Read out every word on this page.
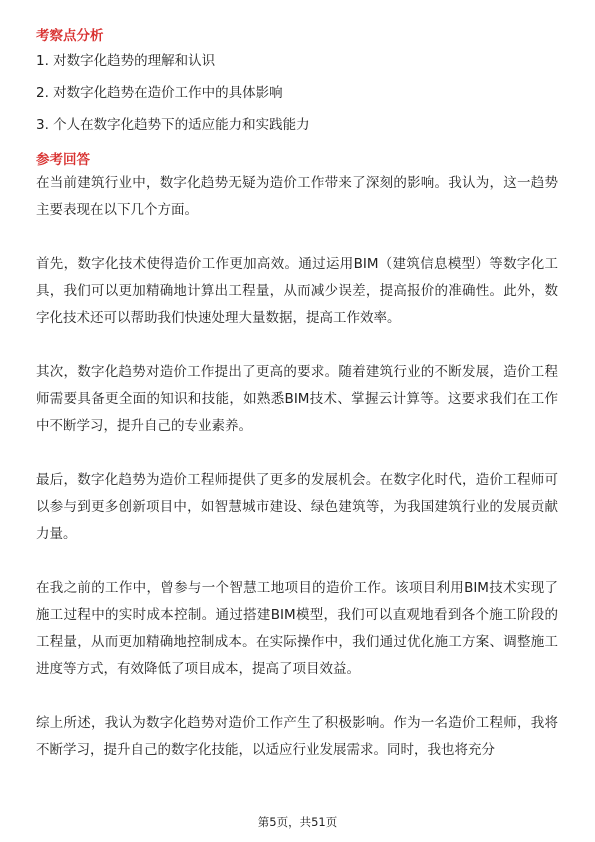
考察点分析
1. 对数字化趋势的理解和认识
2. 对数字化趋势在造价工作中的具体影响
3. 个人在数字化趋势下的适应能力和实践能力
参考回答

在当前建筑行业中，数字化趋势无疑为造价工作带来了深刻的影响。我认为，这一趋势主要表现在以下几个方面。

首先，数字化技术使得造价工作更加高效。通过运用BIM（建筑信息模型）等数字化工具，我们可以更加精确地计算出工程量，从而减少误差，提高报价的准确性。此外，数字化技术还可以帮助我们快速处理大量数据，提高工作效率。

其次，数字化趋势对造价工作提出了更高的要求。随着建筑行业的不断发展，造价工程师需要具备更全面的知识和技能，如熟悉BIM技术、掌握云计算等。这要求我们在工作中不断学习，提升自己的专业素养。

最后，数字化趋势为造价工程师提供了更多的发展机会。在数字化时代，造价工程师可以参与到更多创新项目中，如智慧城市建设、绿色建筑等，为我国建筑行业的发展贡献力量。

在我之前的工作中，曾参与一个智慧工地项目的造价工作。该项目利用BIM技术实现了施工过程中的实时成本控制。通过搭建BIM模型，我们可以直观地看到各个施工阶段的工程量，从而更加精确地控制成本。在实际操作中，我们通过优化施工方案、调整施工进度等方式，有效降低了项目成本，提高了项目效益。

综上所述，我认为数字化趋势对造价工作产生了积极影响。作为一名造价工程师，我将不断学习，提升自己的数字化技能，以适应行业发展需求。同时，我也将充分

第5页，共51页
